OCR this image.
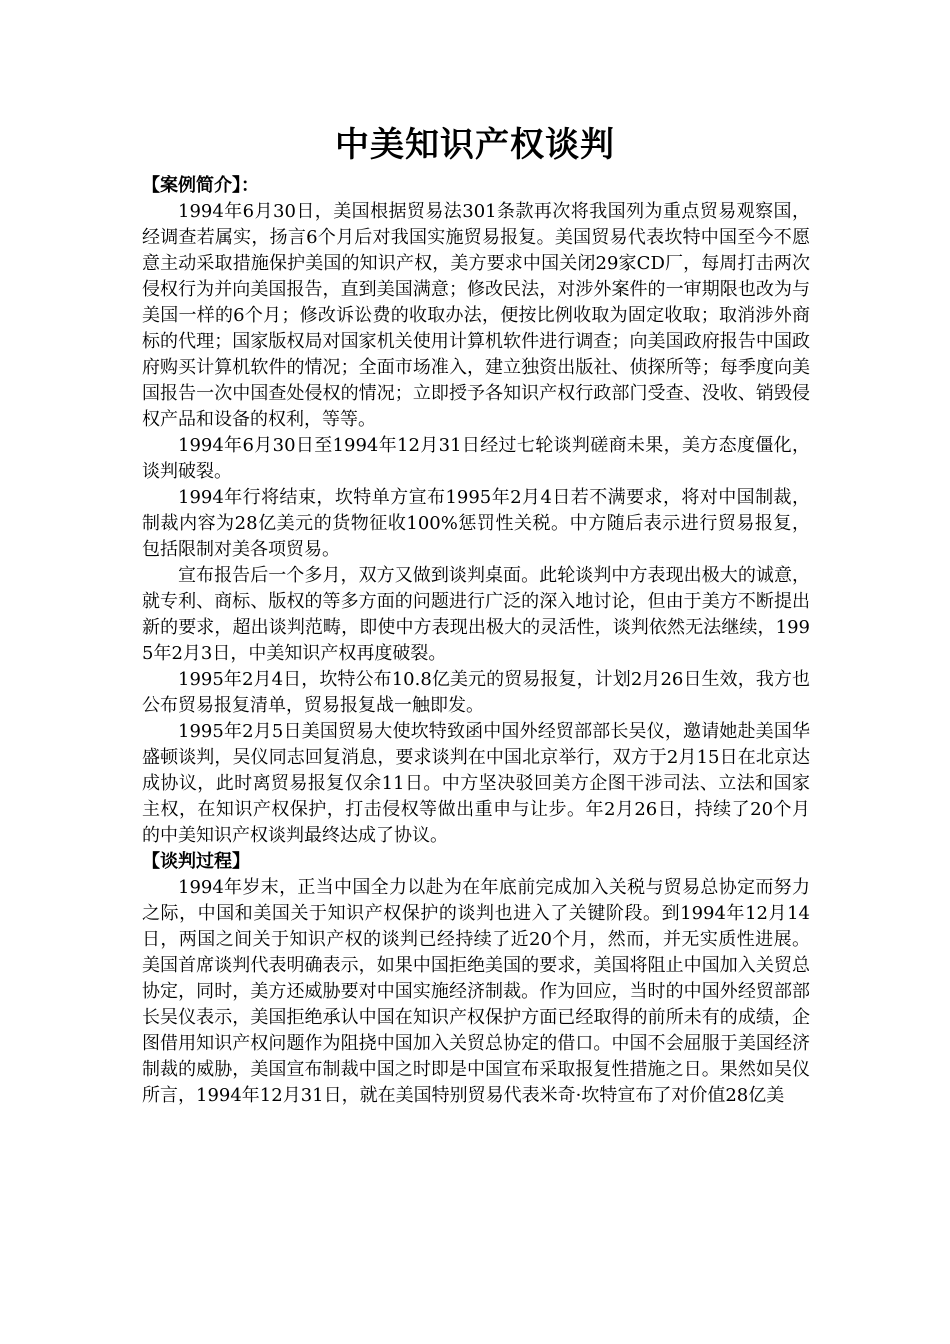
中美知识产权谈判

【案例简介】：

1994年6月30日，美国根据贸易法301条款再次将我国列为重点贸易观察国，经调查若属实，扬言6个月后对我国实施贸易报复。美国贸易代表坎特中国至今不愿意主动采取措施保护美国的知识产权，美方要求中国关闭29家CD厂，每周打击两次侵权行为并向美国报告，直到美国满意；修改民法，对涉外案件的一审期限也改为与美国一样的6个月；修改诉讼费的收取办法，便按比例收取为固定收取；取消涉外商标的代理；国家版权局对国家机关使用计算机软件进行调查；向美国政府报告中国政府购买计算机软件的情况；全面市场准入，建立独资出版社、侦探所等；每季度向美国报告一次中国查处侵权的情况；立即授予各知识产权行政部门受查、没收、销毁侵权产品和设备的权利，等等。

1994年6月30日至1994年12月31日经过七轮谈判磋商未果，美方态度僵化，谈判破裂。

1994年行将结束，坎特单方宣布1995年2月4日若不满要求，将对中国制裁，制裁内容为28亿美元的货物征收100%惩罚性关税。中方随后表示进行贸易报复，包括限制对美各项贸易。

宣布报告后一个多月，双方又做到谈判桌面。此轮谈判中方表现出极大的诚意，就专利、商标、版权的等多方面的问题进行广泛的深入地讨论，但由于美方不断提出新的要求，超出谈判范畴，即使中方表现出极大的灵活性，谈判依然无法继续，1995年2月3日，中美知识产权再度破裂。

1995年2月4日，坎特公布10.8亿美元的贸易报复，计划2月26日生效，我方也公布贸易报复清单，贸易报复战一触即发。

1995年2月5日美国贸易大使坎特致函中国外经贸部部长吴仪，邀请她赴美国华盛顿谈判，吴仪同志回复消息，要求谈判在中国北京举行，双方于2月15日在北京达成协议，此时离贸易报复仅余11日。中方坚决驳回美方企图干涉司法、立法和国家主权，在知识产权保护，打击侵权等做出重申与让步。年2月26日，持续了20个月的中美知识产权谈判最终达成了协议。

【谈判过程】

1994年岁末，正当中国全力以赴为在年底前完成加入关税与贸易总协定而努力之际，中国和美国关于知识产权保护的谈判也进入了关键阶段。到1994年12月14日，两国之间关于知识产权的谈判已经持续了近20个月，然而，并无实质性进展。美国首席谈判代表明确表示，如果中国拒绝美国的要求，美国将阻止中国加入关贸总协定，同时，美方还威胁要对中国实施经济制裁。作为回应，当时的中国外经贸部部长吴仪表示，美国拒绝承认中国在知识产权保护方面已经取得的前所未有的成绩，企图借用知识产权问题作为阻挠中国加入关贸总协定的借口。中国不会屈服于美国经济制裁的威胁，美国宣布制裁中国之时即是中国宣布采取报复性措施之日。果然如吴仪所言，1994年12月31日，就在美国特别贸易代表米奇·坎特宣布了对价值28亿美
